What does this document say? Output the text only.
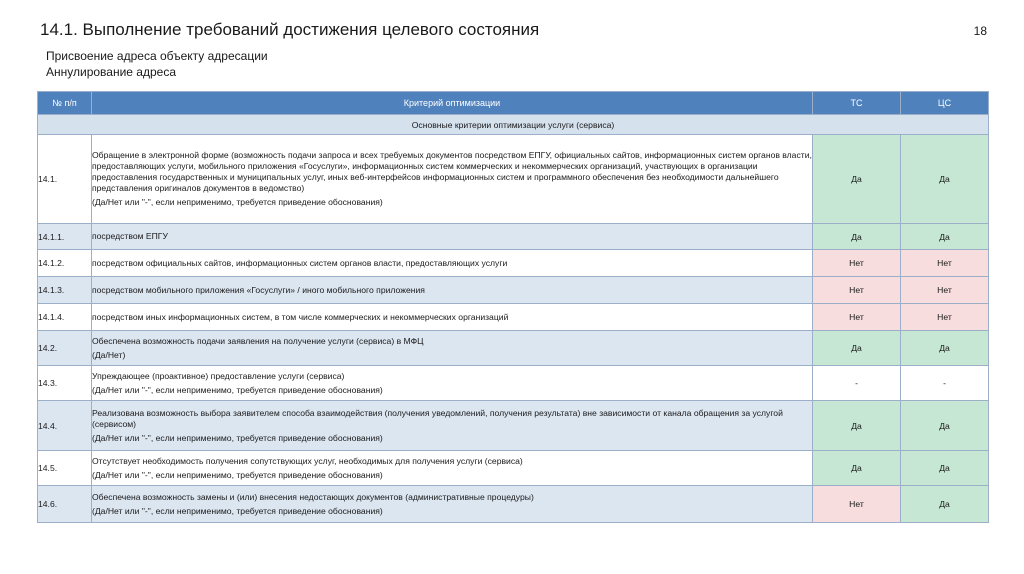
14.1. Выполнение требований достижения целевого состояния	18
Присвоение адреса объекту адресации
Аннулирование адреса
№ п/п	Критерий оптимизации	ТС	ЦС
Основные критерии оптимизации услуги (сервиса)			
14.1.	Обращение в электронной форме (возможность подачи запроса и всех требуемых документов посредством ЕПГУ, официальных сайтов, информационных систем органов власти, предоставляющих услуги, мобильного приложения «Госуслуги», информационных систем коммерческих и некоммерческих организаций, участвующих в организации предоставления государственных и муниципальных услуг, иных веб-интерфейсов информационных систем и программного обеспечения без необходимости дальнейшего представления оригиналов документов в ведомство)
(Да/Нет или "-", если неприменимо, требуется приведение обоснования)	Да	Да
14.1.1.	посредством ЕПГУ	Да	Да
14.1.2.	посредством официальных сайтов, информационных систем органов власти, предоставляющих услуги	Нет	Нет
14.1.3.	посредством мобильного приложения «Госуслуги» / иного мобильного приложения	Нет	Нет
14.1.4.	посредством иных информационных систем, в том числе коммерческих и некоммерческих организаций	Нет	Нет
14.2.	Обеспечена возможность подачи заявления на получение услуги (сервиса) в МФЦ
(Да/Нет)	Да	Да
14.3.	Упреждающее (проактивное) предоставление услуги (сервиса)
(Да/Нет или "-", если неприменимо, требуется приведение обоснования)	-	-
14.4.	Реализована возможность выбора заявителем способа взаимодействия (получения уведомлений, получения результата) вне зависимости от канала обращения за услугой (сервисом)
(Да/Нет или "-", если неприменимо, требуется приведение обоснования)	Да	Да
14.5.	Отсутствует необходимость получения сопутствующих услуг, необходимых для получения услуги (сервиса)
(Да/Нет или "-", если неприменимо, требуется приведение обоснования)	Да	Да
14.6.	Обеспечена возможность замены и (или) внесения недостающих документов (административные процедуры)
(Да/Нет или "-", если неприменимо, требуется приведение обоснования)	Нет	Да
